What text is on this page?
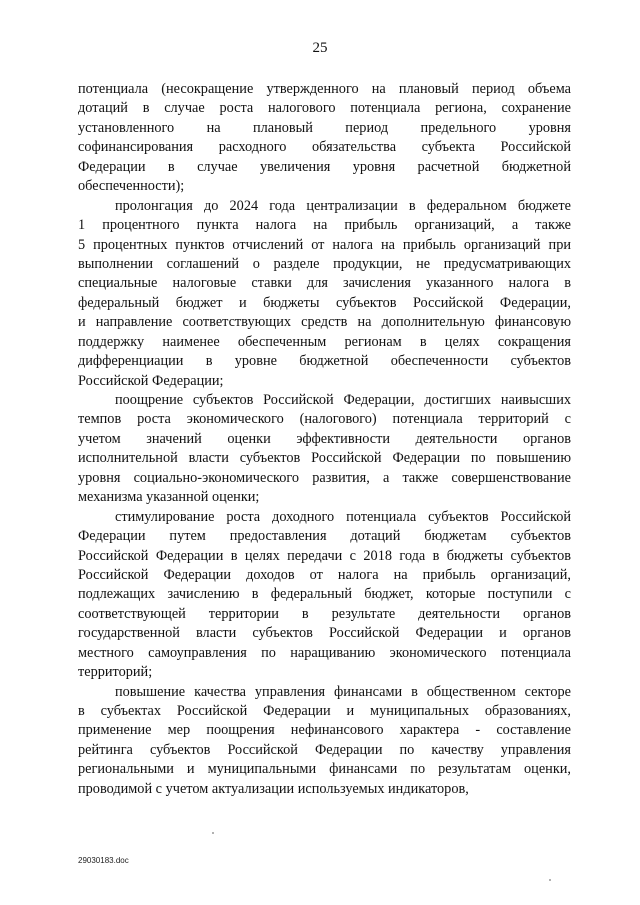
25
потенциала (несокращение утвержденного на плановый период объема
дотаций в случае роста налогового потенциала региона, сохранение
установленного на плановый период предельного уровня
софинансирования расходного обязательства субъекта Российской
Федерации в случае увеличения уровня расчетной бюджетной
обеспеченности);
пролонгация до 2024 года централизации в федеральном бюджете
1 процентного пункта налога на прибыль организаций, а также
5 процентных пунктов отчислений от налога на прибыль организаций при
выполнении соглашений о разделе продукции, не предусматривающих
специальные налоговые ставки для зачисления указанного налога в
федеральный бюджет и бюджеты субъектов Российской Федерации,
и направление соответствующих средств на дополнительную финансовую
поддержку наименее обеспеченным регионам в целях сокращения
дифференциации в уровне бюджетной обеспеченности субъектов
Российской Федерации;
поощрение субъектов Российской Федерации, достигших наивысших
темпов роста экономического (налогового) потенциала территорий с
учетом значений оценки эффективности деятельности органов
исполнительной власти субъектов Российской Федерации по повышению
уровня социально-экономического развития, а также совершенствование
механизма указанной оценки;
стимулирование роста доходного потенциала субъектов Российской
Федерации путем предоставления дотаций бюджетам субъектов
Российской Федерации в целях передачи с 2018 года в бюджеты субъектов
Российской Федерации доходов от налога на прибыль организаций,
подлежащих зачислению в федеральный бюджет, которые поступили с
соответствующей территории в результате деятельности органов
государственной власти субъектов Российской Федерации и органов
местного самоуправления по наращиванию экономического потенциала
территорий;
повышение качества управления финансами в общественном секторе
в субъектах Российской Федерации и муниципальных образованиях,
применение мер поощрения нефинансового характера - составление
рейтинга субъектов Российской Федерации по качеству управления
региональными и муниципальными финансами по результатам оценки,
проводимой с учетом актуализации используемых индикаторов,
29030183.doc
